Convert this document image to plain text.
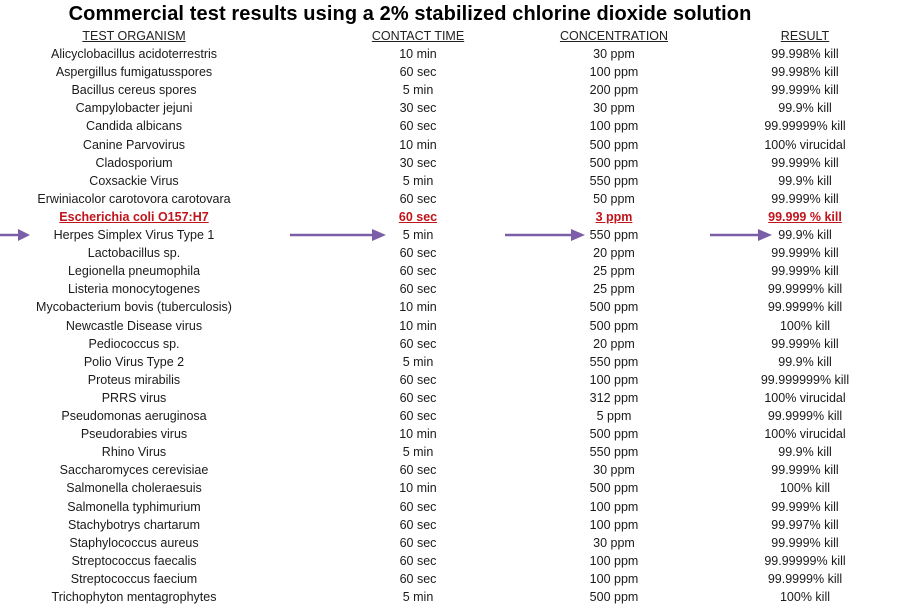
Commercial test results using a 2% stabilized chlorine dioxide solution
TEST ORGANISM	CONTACT TIME	CONCENTRATION	RESULT
Alicyclobacillus acidoterrestris	10 min	30 ppm	99.998% kill
Aspergillus fumigatusspores	60 sec	100 ppm	99.998% kill
Bacillus cereus spores	5 min	200 ppm	99.999% kill
Campylobacter jejuni	30 sec	30 ppm	99.9% kill
Candida albicans	60 sec	100 ppm	99.99999% kill
Canine Parvovirus	10 min	500 ppm	100% virucidal
Cladosporium	30 sec	500 ppm	99.999% kill
Coxsackie Virus	5 min	550 ppm	99.9% kill
Erwiniacolor carotovora carotovara	60 sec	50 ppm	99.999% kill
Escherichia coli O157:H7	60 sec	3 ppm	99.999 % kill
Herpes Simplex Virus Type 1	5 min	550 ppm	99.9% kill
Lactobacillus sp.	60 sec	20 ppm	99.999% kill
Legionella pneumophila	60 sec	25 ppm	99.999% kill
Listeria monocytogenes	60 sec	25 ppm	99.9999% kill
Mycobacterium bovis (tuberculosis)	10 min	500 ppm	99.9999% kill
Newcastle Disease virus	10 min	500 ppm	100% kill
Pediococcus sp.	60 sec	20 ppm	99.999% kill
Polio Virus Type 2	5 min	550 ppm	99.9% kill
Proteus mirabilis	60 sec	100 ppm	99.999999% kill
PRRS virus	60 sec	312 ppm	100% virucidal
Pseudomonas aeruginosa	60 sec	5 ppm	99.9999% kill
Pseudorabies virus	10 min	500 ppm	100% virucidal
Rhino Virus	5 min	550 ppm	99.9% kill
Saccharomyces cerevisiae	60 sec	30 ppm	99.999% kill
Salmonella choleraesuis	10 min	500 ppm	100% kill
Salmonella typhimurium	60 sec	100 ppm	99.999% kill
Stachybotrys chartarum	60 sec	100 ppm	99.997% kill
Staphylococcus aureus	60 sec	30 ppm	99.999% kill
Streptococcus faecalis	60 sec	100 ppm	99.99999% kill
Streptococcus faecium	60 sec	100 ppm	99.9999% kill
Trichophyton mentagrophytes	5 min	500 ppm	100% kill
